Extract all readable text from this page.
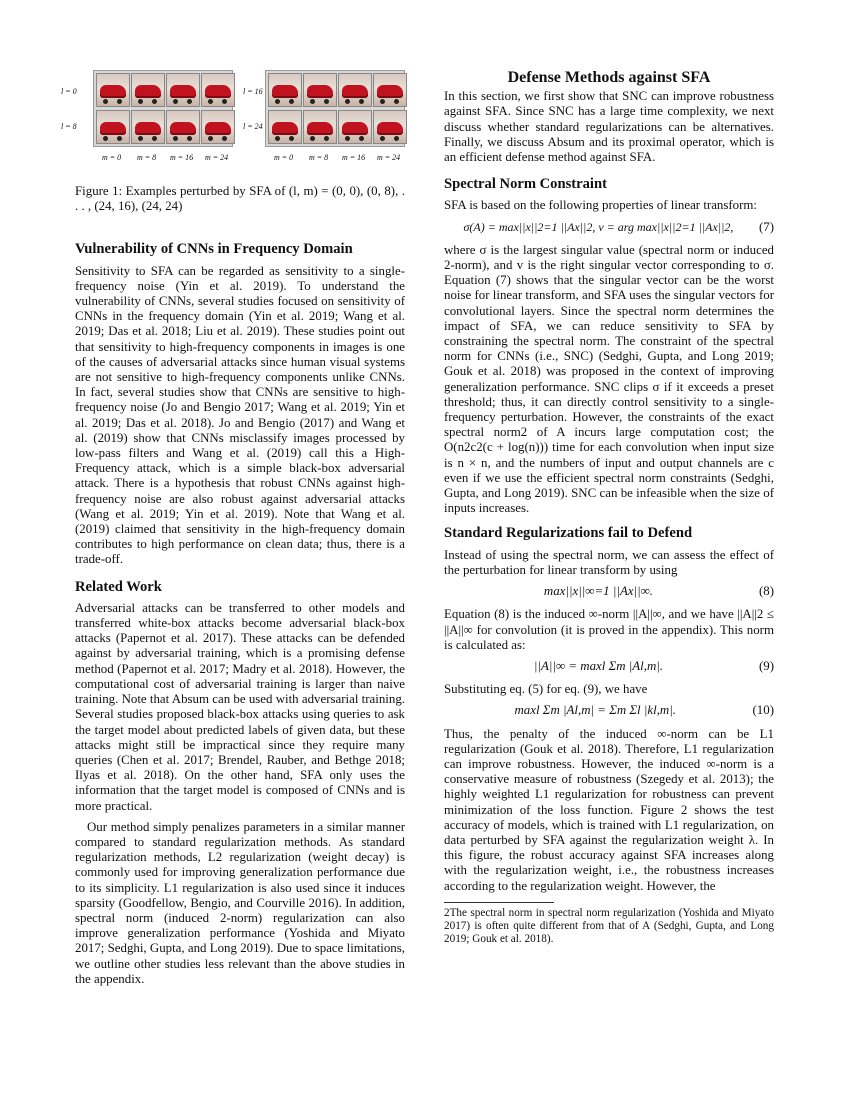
l = 0
l = 8
m = 0 m = 8 m = 16 m = 24
l = 16
l = 24
m = 0 m = 8 m = 16 m = 24

Figure 1: Examples perturbed by SFA of (l, m) = (0, 0), (0, 8), . . . , (24, 16), (24, 24)

Vulnerability of CNNs in Frequency Domain

Sensitivity to SFA can be regarded as sensitivity to a single-frequency noise (Yin et al. 2019). To understand the vulnerability of CNNs, several studies focused on sensitivity of CNNs in the frequency domain (Yin et al. 2019; Wang et al. 2019; Das et al. 2018; Liu et al. 2019). These studies point out that sensitivity to high-frequency components in images is one of the causes of adversarial attacks since human visual systems are not sensitive to high-frequency components unlike CNNs. In fact, several studies show that CNNs are sensitive to high-frequency noise (Jo and Bengio 2017; Wang et al. 2019; Yin et al. 2019; Das et al. 2018). Jo and Bengio (2017) and Wang et al. (2019) show that CNNs misclassify images processed by low-pass filters and Wang et al. (2019) call this a High-Frequency attack, which is a simple black-box adversarial attack. There is a hypothesis that robust CNNs against high-frequency noise are also robust against adversarial attacks (Wang et al. 2019; Yin et al. 2019). Note that Wang et al. (2019) claimed that sensitivity in the high-frequency domain contributes to high performance on clean data; thus, there is a trade-off.

Related Work

Adversarial attacks can be transferred to other models and transferred white-box attacks become adversarial black-box attacks (Papernot et al. 2017). These attacks can be defended against by adversarial training, which is a promising defense method (Papernot et al. 2017; Madry et al. 2018). However, the computational cost of adversarial training is larger than naive training. Note that Absum can be used with adversarial training. Several studies proposed black-box attacks using queries to ask the target model about predicted labels of given data, but these attacks might still be impractical since they require many queries (Chen et al. 2017; Brendel, Rauber, and Bethge 2018; Ilyas et al. 2018). On the other hand, SFA only uses the information that the target model is composed of CNNs and is more practical.

Our method simply penalizes parameters in a similar manner compared to standard regularization methods. As standard regularization methods, L2 regularization (weight decay) is commonly used for improving generalization performance due to its simplicity. L1 regularization is also used since it induces sparsity (Goodfellow, Bengio, and Courville 2016). In addition, spectral norm (induced 2-norm) regularization can also improve generalization performance (Yoshida and Miyato 2017; Sedghi, Gupta, and Long 2019). Due to space limitations, we outline other studies less relevant than the above studies in the appendix.

Defense Methods against SFA

In this section, we first show that SNC can improve robustness against SFA. Since SNC has a large time complexity, we next discuss whether standard regularizations can be alternatives. Finally, we discuss Absum and its proximal operator, which is an efficient defense method against SFA.

Spectral Norm Constraint

SFA is based on the following properties of linear transform:

σ(A) = max||x||2=1 ||Ax||2, v = arg max||x||2=1 ||Ax||2,	(7)

where σ is the largest singular value (spectral norm or induced 2-norm), and v is the right singular vector corresponding to σ. Equation (7) shows that the singular vector can be the worst noise for linear transform, and SFA uses the singular vectors for convolutional layers. Since the spectral norm determines the impact of SFA, we can reduce sensitivity to SFA by constraining the spectral norm. The constraint of the spectral norm for CNNs (i.e., SNC) (Sedghi, Gupta, and Long 2019; Gouk et al. 2018) was proposed in the context of improving generalization performance. SNC clips σ if it exceeds a preset threshold; thus, it can directly control sensitivity to a single-frequency perturbation. However, the constraints of the exact spectral norm2 of A incurs large computation cost; the O(n2c2(c + log(n))) time for each convolution when input size is n × n, and the numbers of input and output channels are c even if we use the efficient spectral norm constraints (Sedghi, Gupta, and Long 2019). SNC can be infeasible when the size of inputs increases.

Standard Regularizations fail to Defend

Instead of using the spectral norm, we can assess the effect of the perturbation for linear transform by using

max||x||∞=1 ||Ax||∞.	(8)

Equation (8) is the induced ∞-norm ||A||∞, and we have ||A||2 ≤ ||A||∞ for convolution (it is proved in the appendix). This norm is calculated as:

||A||∞ = maxl Σm |Al,m|.	(9)

Substituting eq. (5) for eq. (9), we have

maxl Σm |Al,m| = Σm Σl |kl,m|.	(10)

Thus, the penalty of the induced ∞-norm can be L1 regularization (Gouk et al. 2018). Therefore, L1 regularization can improve robustness. However, the induced ∞-norm is a conservative measure of robustness (Szegedy et al. 2013); the highly weighted L1 regularization for robustness can prevent minimization of the loss function. Figure 2 shows the test accuracy of models, which is trained with L1 regularization, on data perturbed by SFA against the regularization weight λ. In this figure, the robust accuracy against SFA increases along with the regularization weight, i.e., the robustness increases according to the regularization weight. However, the

2The spectral norm in spectral norm regularization (Yoshida and Miyato 2017) is often quite different from that of A (Sedghi, Gupta, and Long 2019; Gouk et al. 2018).
